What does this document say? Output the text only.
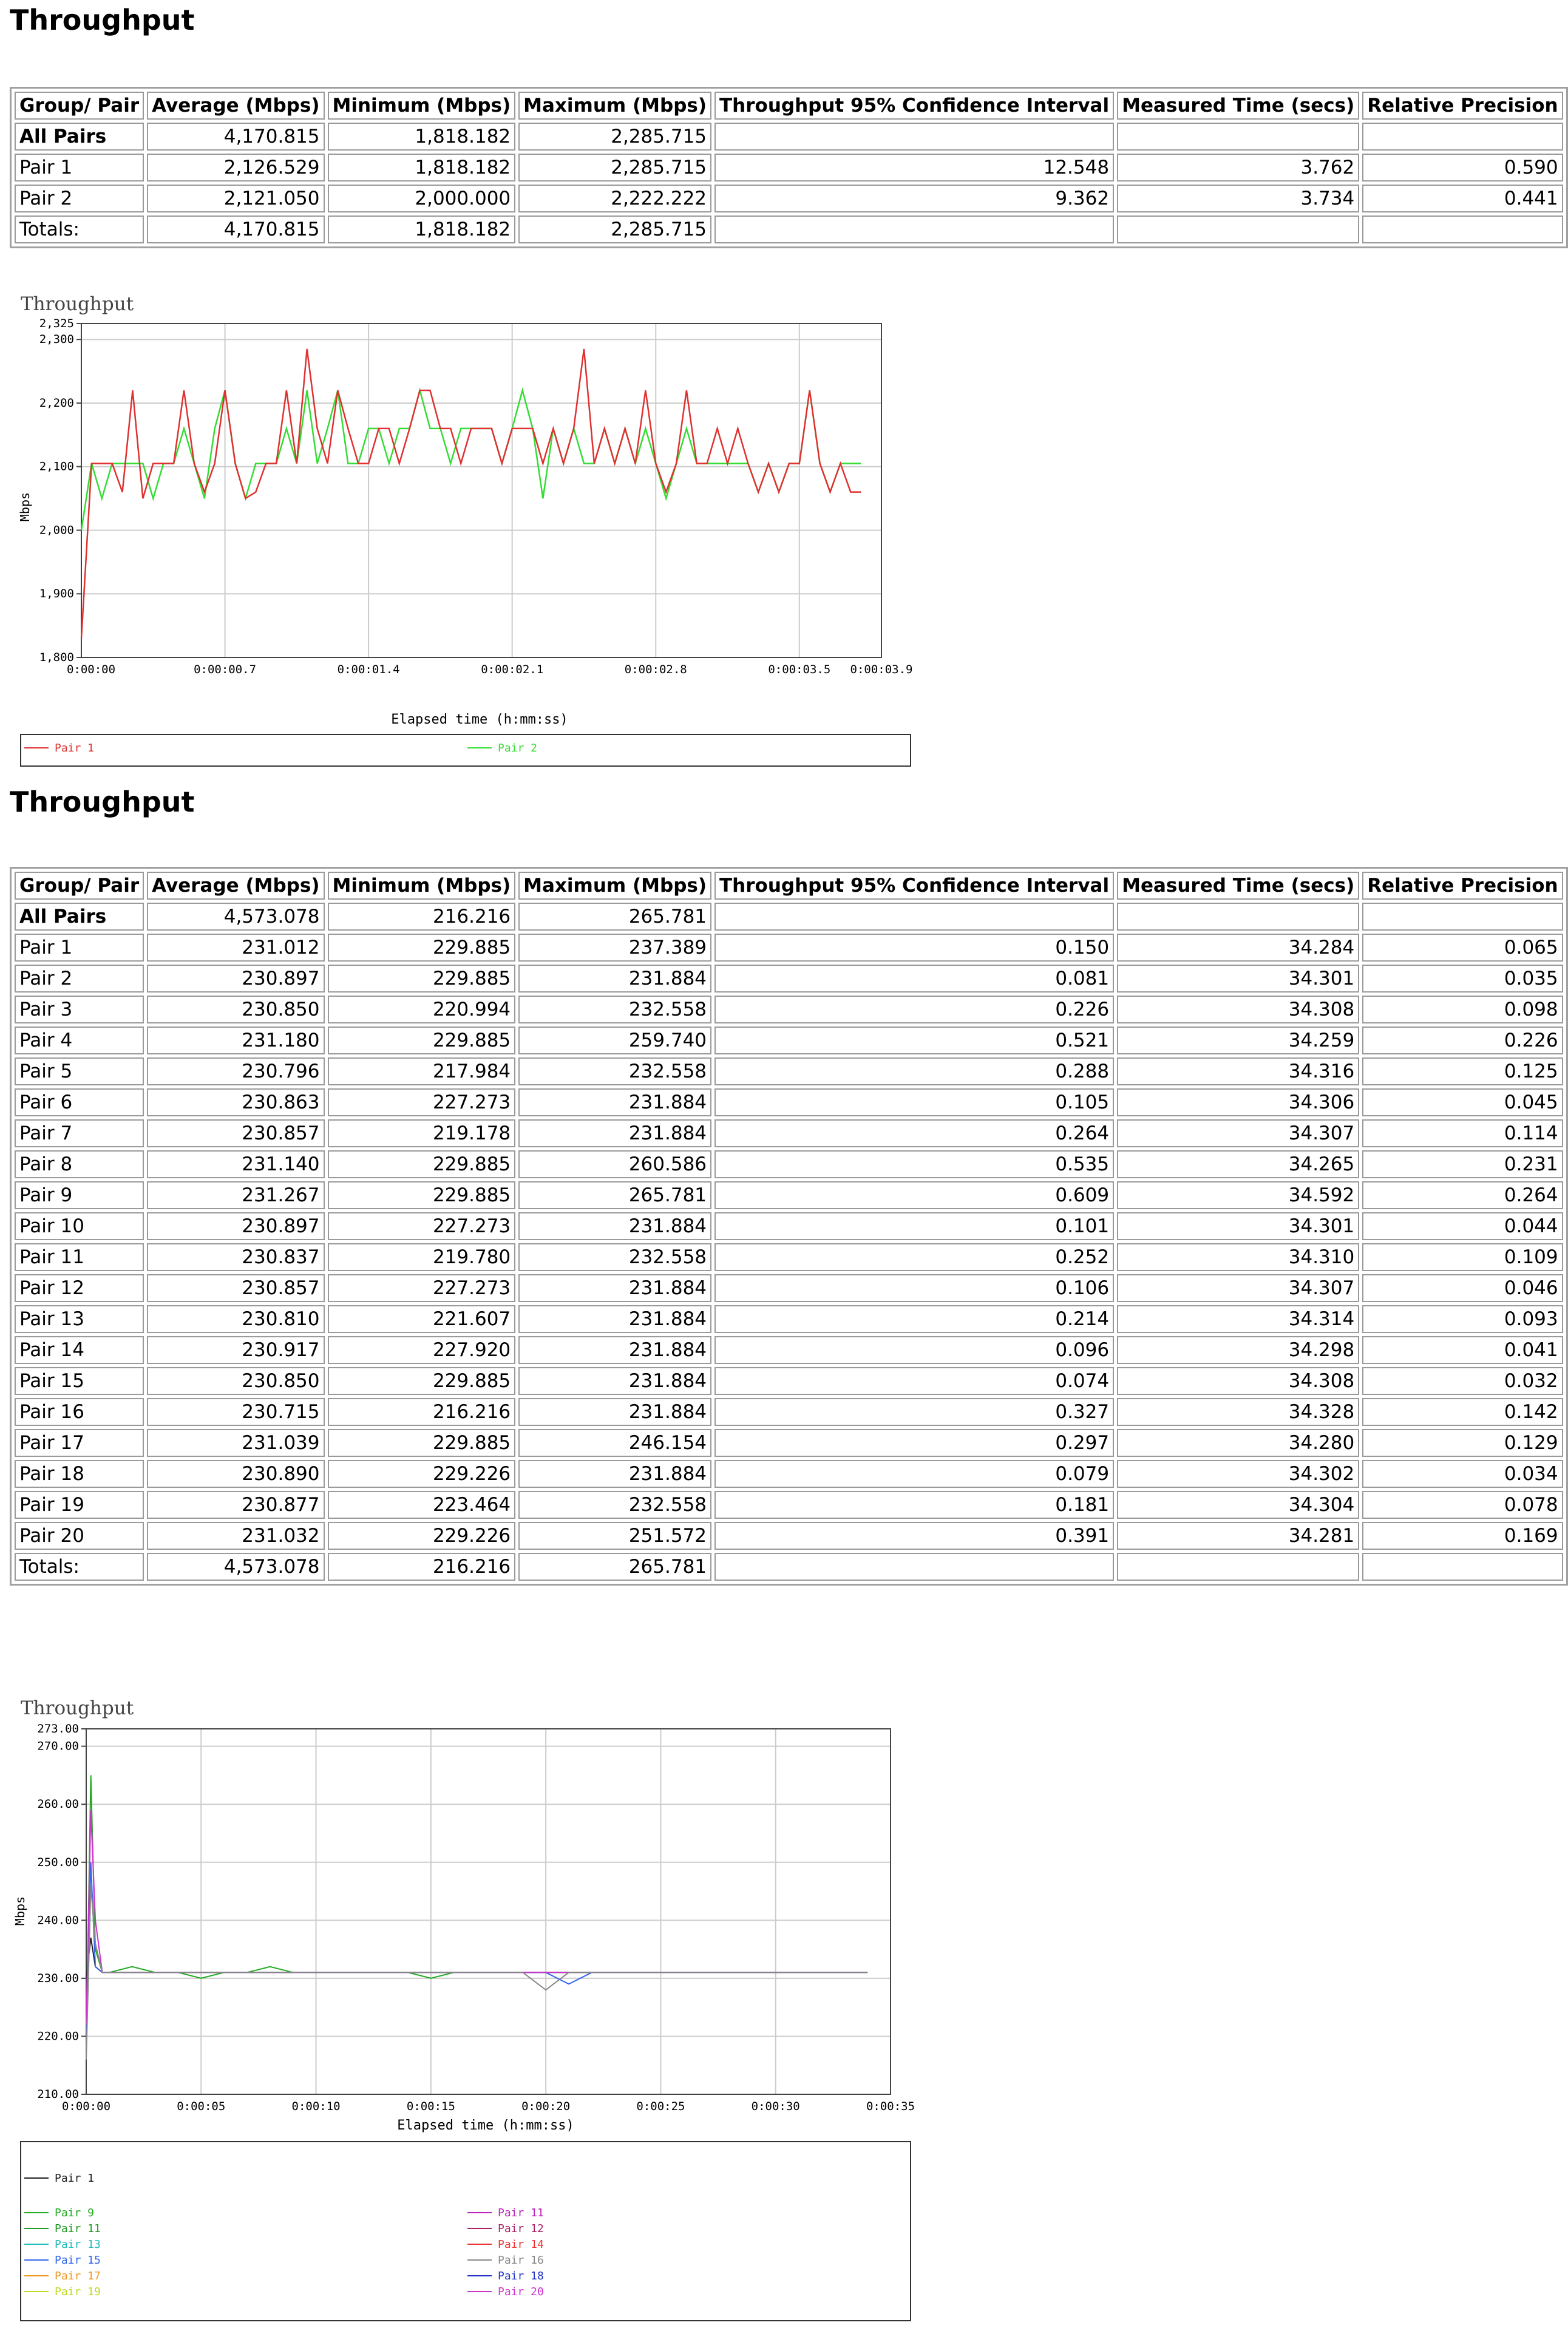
Throughput
Group/ Pair	Average (Mbps)	Minimum (Mbps)	Maximum (Mbps)	Throughput 95% Confidence Interval	Measured Time (secs)	Relative Precision
All Pairs	4,170.815	1,818.182	2,285.715			
Pair 1	2,126.529	1,818.182	2,285.715	12.548	3.762	0.590
Pair 2	2,121.050	2,000.000	2,222.222	9.362	3.734	0.441
Totals:	4,170.815	1,818.182	2,285.715			
Throughput
2,325
2,300
2,200
2,100
2,000
1,900
1,800
0:00:00	0:00:00.7	0:00:01.4	0:00:02.1	0:00:02.8	0:00:03.5 0:00:03.9
Mbps
Elapsed time (h:mm:ss)
Pair 1	Pair 2
Throughput
Group/ Pair	Average (Mbps)	Minimum (Mbps)	Maximum (Mbps)	Throughput 95% Confidence Interval	Measured Time (secs)	Relative Precision
All Pairs	4,573.078	216.216	265.781			
Pair 1	231.012	229.885	237.389	0.150	34.284	0.065
Pair 2	230.897	229.885	231.884	0.081	34.301	0.035
Pair 3	230.850	220.994	232.558	0.226	34.308	0.098
Pair 4	231.180	229.885	259.740	0.521	34.259	0.226
Pair 5	230.796	217.984	232.558	0.288	34.316	0.125
Pair 6	230.863	227.273	231.884	0.105	34.306	0.045
Pair 7	230.857	219.178	231.884	0.264	34.307	0.114
Pair 8	231.140	229.885	260.586	0.535	34.265	0.231
Pair 9	231.267	229.885	265.781	0.609	34.592	0.264
Pair 10	230.897	227.273	231.884	0.101	34.301	0.044
Pair 11	230.837	219.780	232.558	0.252	34.310	0.109
Pair 12	230.857	227.273	231.884	0.106	34.307	0.046
Pair 13	230.810	221.607	231.884	0.214	34.314	0.093
Pair 14	230.917	227.920	231.884	0.096	34.298	0.041
Pair 15	230.850	229.885	231.884	0.074	34.308	0.032
Pair 16	230.715	216.216	231.884	0.327	34.328	0.142
Pair 17	231.039	229.885	246.154	0.297	34.280	0.129
Pair 18	230.890	229.226	231.884	0.079	34.302	0.034
Pair 19	230.877	223.464	232.558	0.181	34.304	0.078
Pair 20	231.032	229.226	251.572	0.391	34.281	0.169
Totals:	4,573.078	216.216	265.781			
Throughput
273.00
270.00
260.00
250.00
240.00
230.00
220.00
210.00
0:00:00	0:00:05	0:00:10	0:00:15	0:00:20	0:00:25	0:00:30	0:00:35
Mbps
Elapsed time (h:mm:ss)
Pair 1
Pair 9
Pair 11
Pair 13
Pair 15
Pair 17
Pair 19
Pair 11
Pair 12
Pair 14
Pair 16
Pair 18
Pair 20
